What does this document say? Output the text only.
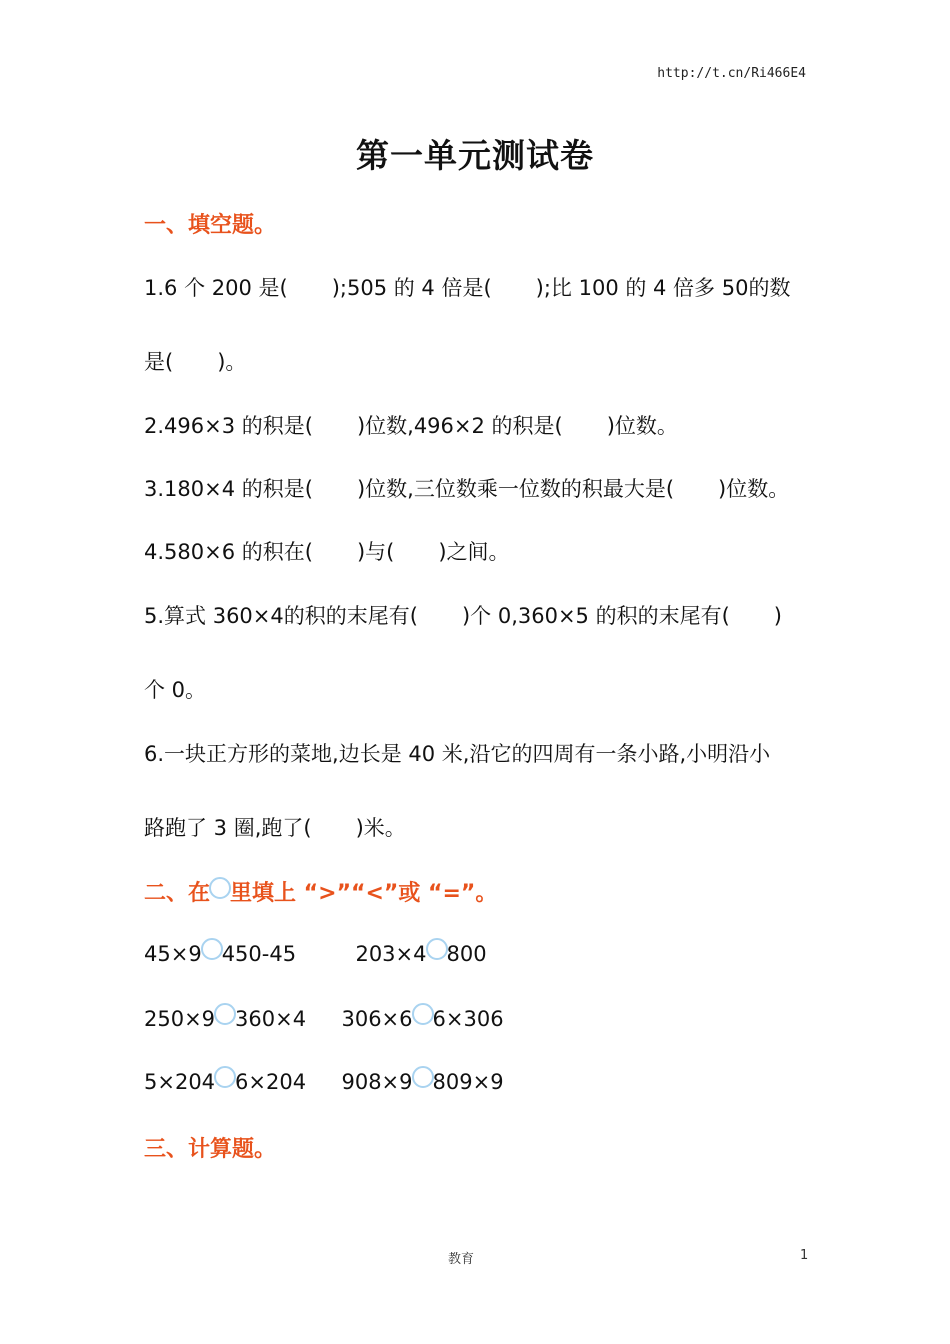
http://t.cn/Ri466E4
第一单元测试卷
一、填空题。
1.6 个 200 是( );505 的 4 倍是( );比 100 的 4 倍多 50的数
是( )。
2.496×3 的积是( )位数,496×2 的积是( )位数。
3.180×4 的积是( )位数,三位数乘一位数的积最大是( )位数。
4.580×6 的积在( )与( )之间。
5.算式 360×4的积的末尾有( )个 0,360×5 的积的末尾有( )
个 0。
6.一块正方形的菜地,边长是 40 米,沿它的四周有一条小路,小明沿小
路跑了 3 圈,跑了( )米。
二、在 里填上 “>”“<”或 “=”。
45×9 450-45	203×4 800
250×9 360×4 306×6 6×306
5×204 6×204 908×9 809×9
三、计算题。
教育	1
